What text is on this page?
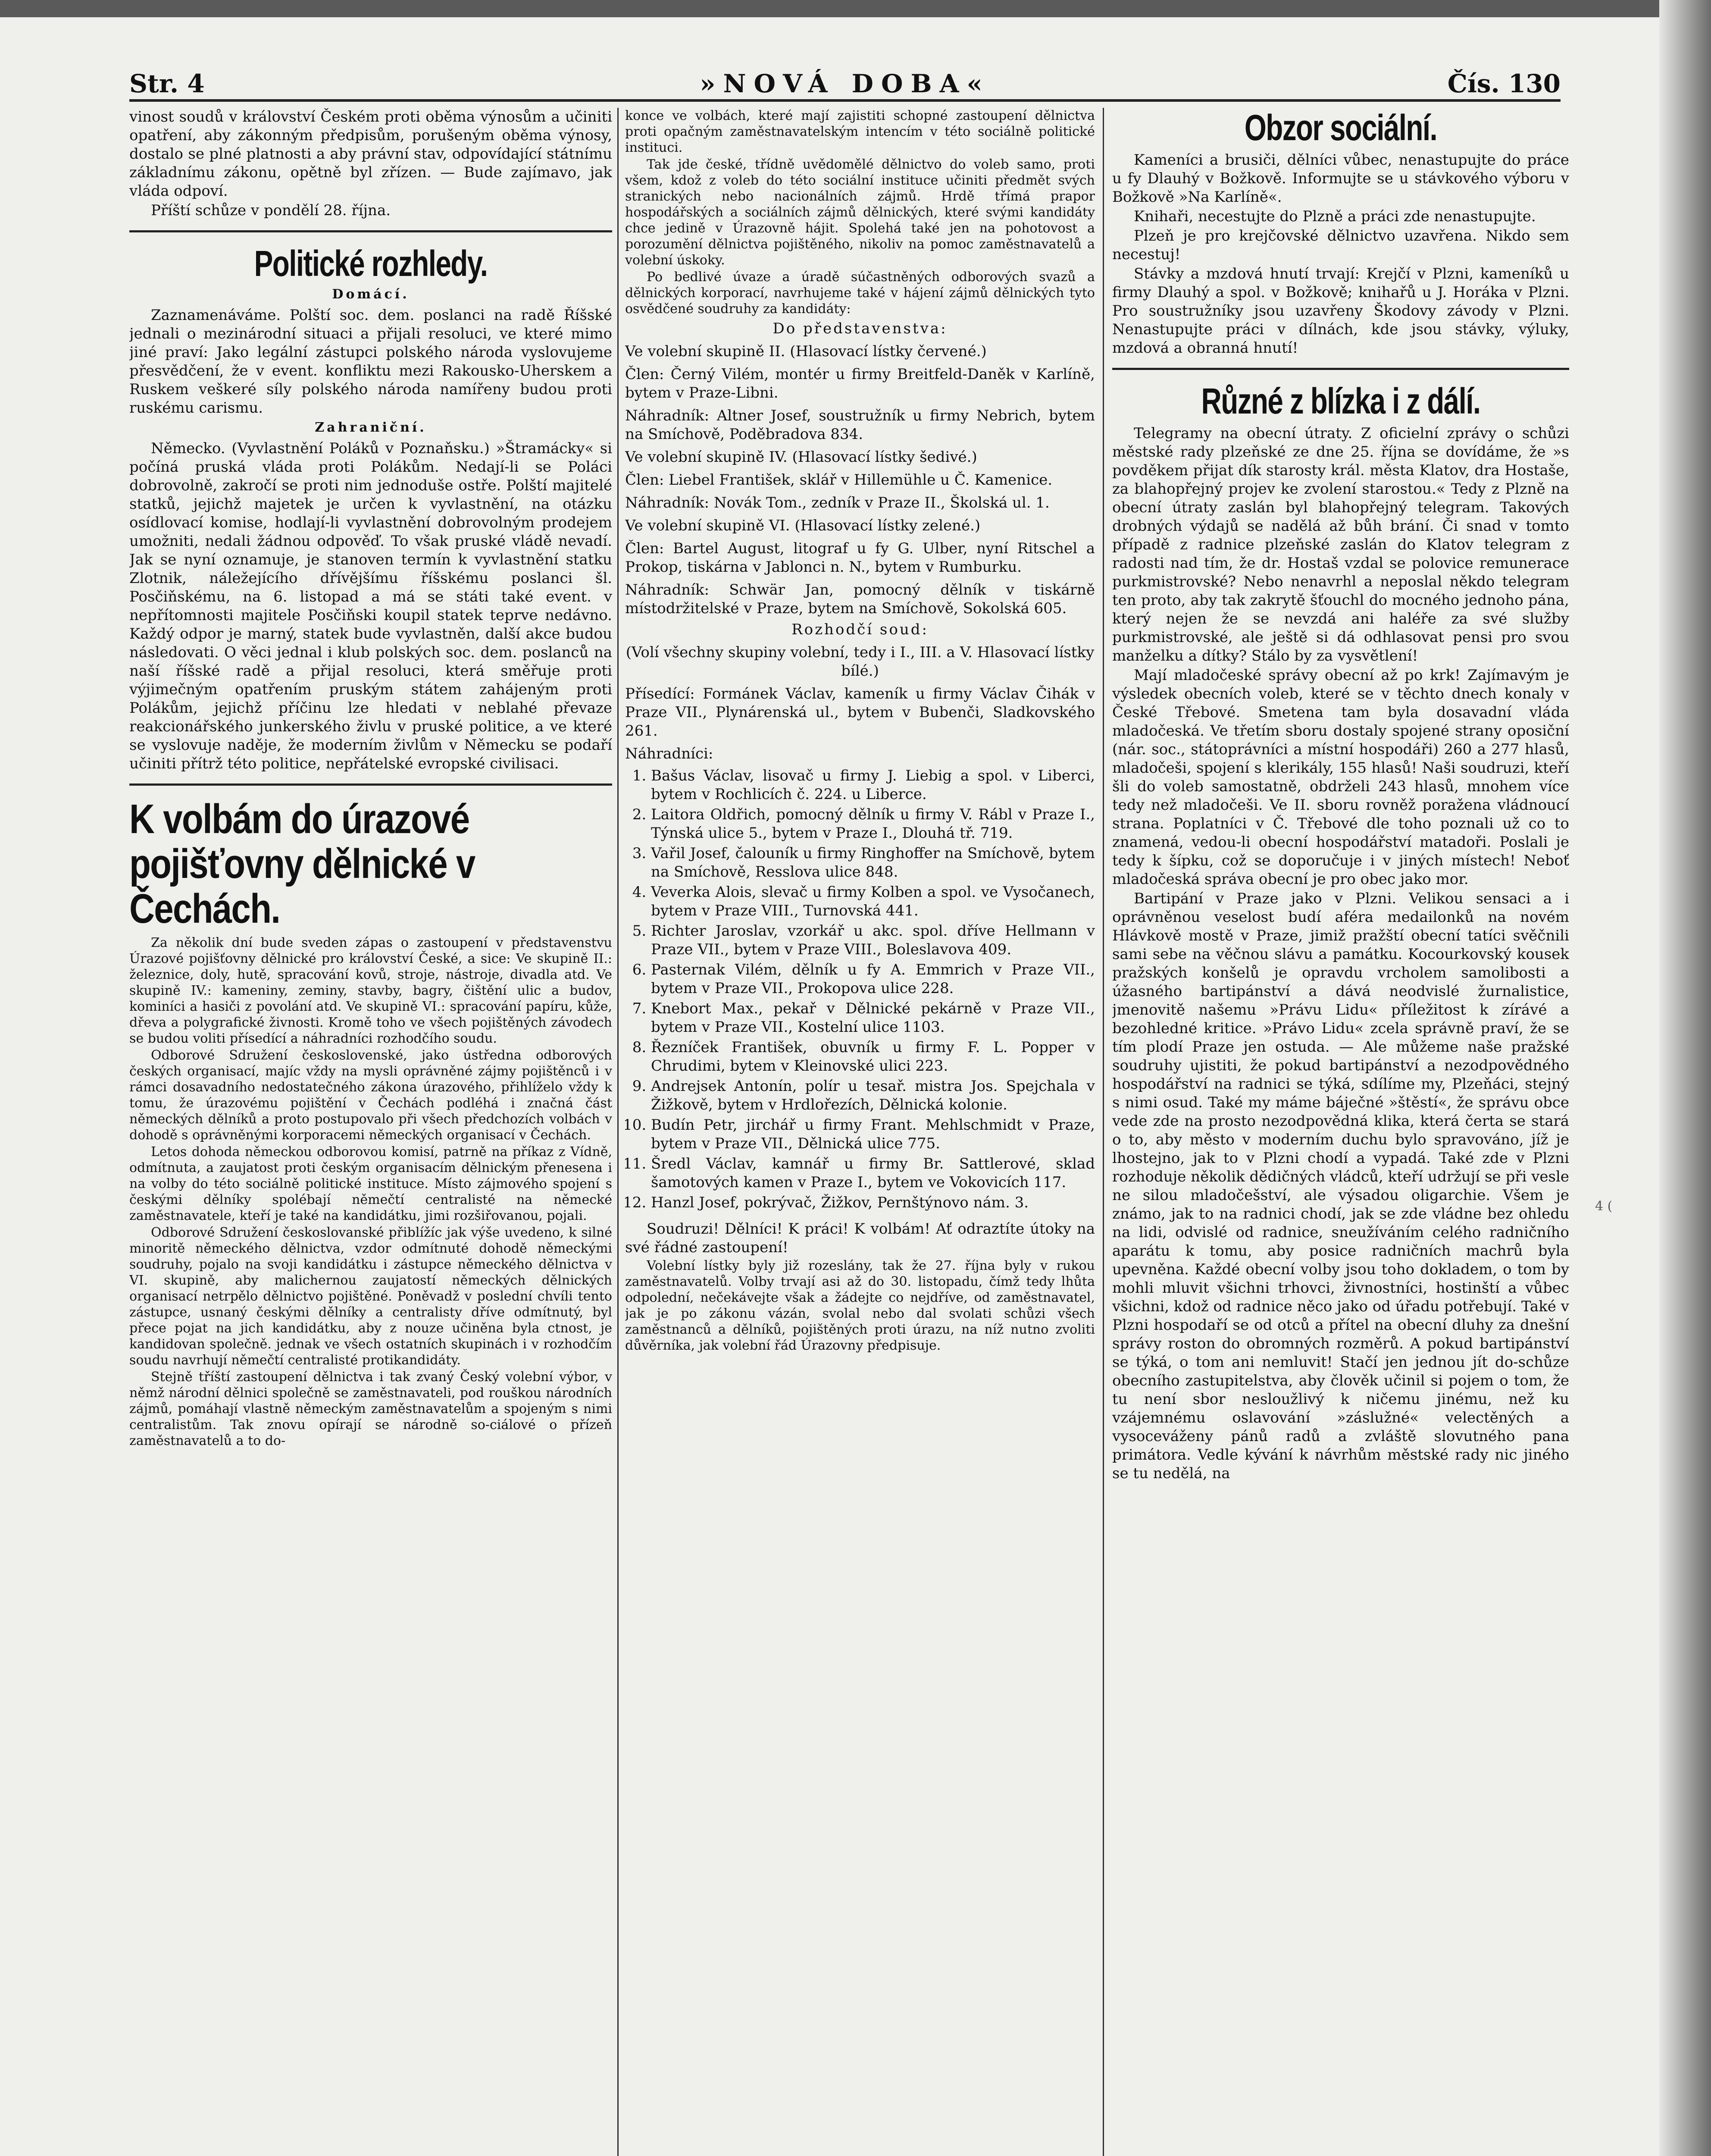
Str. 4	»NOVÁ DOBA«	Čís. 130

vinost soudů v království Českém proti oběma výnosům a učiniti opatření, aby zákonným předpisům, porušeným oběma výnosy, dostalo se plné platnosti a aby právní stav, odpovídající státnímu základnímu zákonu, opětně byl zřízen. — Bude zajímavo, jak vláda odpoví.

Příští schůze v pondělí 28. října.

Politické rozhledy.
Domácí.

Zaznamenáváme. Polští soc. dem. poslanci na radě Říšské jednali o mezinárodní situaci a přijali resoluci, ve které mimo jiné praví: Jako legální zástupci polského národa vyslovujeme přesvědčení, že v event. konfliktu mezi Rakousko-Uherskem a Ruskem veškeré síly polského národa namířeny budou proti ruskému carismu.

Zahraniční.

Německo. (Vyvlastnění Poláků v Poznaňsku.) »Štramácky« si počíná pruská vláda proti Polákům. Nedají-li se Poláci dobrovolně, zakročí se proti nim jednoduše ostře. Polští majitelé statků, jejichž majetek je určen k vyvlastnění, na otázku osídlovací komise, hodlají-li vyvlastnění dobrovolným prodejem umožniti, nedali žádnou odpověď. To však pruské vládě nevadí. Jak se nyní oznamuje, je stanoven termín k vyvlastnění statku Zlotnik, náležejícího dřívějšímu říšskému poslanci šl. Posčiňskému, na 6. listopad a má se státi také event. v nepřítomnosti majitele Posčiňski koupil statek teprve nedávno. Každý odpor je marný, statek bude vyvlastněn, další akce budou následovati. O věci jednal i klub polských soc. dem. poslanců na naší říšské radě a přijal resoluci, která směřuje proti výjimečným opatřením pruským státem zahájeným proti Polákům, jejichž příčinu lze hledati v neblahé převaze reakcionářského junkerského živlu v pruské politice, a ve které se vyslovuje naděje, že moderním živlům v Německu se podaří učiniti přítrž této politice, nepřátelské evropské civilisaci.

K volbám do úrazové pojišťovny dělnické v Čechách.

Za několik dní bude sveden zápas o zastoupení v představenstvu Úrazové pojišťovny dělnické pro království České, a sice: Ve skupině II.: železnice, doly, hutě, spracování kovů, stroje, nástroje, divadla atd. Ve skupině IV.: kameniny, zeminy, stavby, bagry, čištění ulic a budov, kominíci a hasiči z povolání atd. Ve skupině VI.: spracování papíru, kůže, dřeva a polygrafické živnosti. Kromě toho ve všech pojištěných závodech se budou voliti přísedící a náhradníci rozhodčího soudu.

Odborové Sdružení československé, jako ústředna odborových českých organisací, majíc vždy na mysli oprávněné zájmy pojištěnců i v rámci dosavadního nedostatečného zákona úrazového, přihlíželo vždy k tomu, že úrazovému pojištění v Čechách podléhá i značná část německých dělníků a proto postupovalo při všech předchozích volbách v dohodě s oprávněnými korporacemi německých organisací v Čechách.

Letos dohoda německou odborovou komisí, patrně na příkaz z Vídně, odmítnuta, a zaujatost proti českým organisacím dělnickým přenesena i na volby do této sociálně politické instituce. Místo zájmového spojení s českými dělníky spolébají němečtí centralisté na německé zaměstnavatele, kteří je také na kandidátku, jimi rozšiřovanou, pojali.

Odborové Sdružení českoslovanské přiblížíc jak výše uvedeno, k silné minoritě německého dělnictva, vzdor odmítnuté dohodě německými soudruhy, pojalo na svoji kandidátku i zástupce německého dělnictva v VI. skupině, aby malichernou zaujatostí německých dělnických organisací netrpělo dělnictvo pojištěné. Poněvadž v poslední chvíli tento zástupce, usnaný českými dělníky a centralisty dříve odmítnutý, byl přece pojat na jich kandidátku, aby z nouze učiněna byla ctnost, je kandidovan společně. jednak ve všech ostatních skupinách i v rozhodčím soudu navrhují němečtí centralisté protikandidáty.

Stejně tříští zastoupení dělnictva i tak zvaný Český volební výbor, v němž národní dělnici společně se zaměstnavateli, pod rouškou národních zájmů, pomáhají vlastně německým zaměstnavatelům a spojeným s nimi centralistům. Tak znovu opírají se národně so-ciálové o přízeň zaměstnavatelů a to do-

konce ve volbách, které mají zajistiti schopné zastoupení dělnictva proti opačným zaměstnavatelským intencím v této sociálně politické instituci.

Tak jde české, třídně uvědomělé dělnictvo do voleb samo, proti všem, kdož z voleb do této sociální instituce učiniti předmět svých stranických nebo nacionálních zájmů. Hrdě třímá prapor hospodářských a sociálních zájmů dělnických, které svými kandidáty chce jedině v Úrazovně hájit. Spolehá také jen na pohotovost a porozumění dělnictva pojištěného, nikoliv na pomoc zaměstnavatelů a volební úskoky.

Po bedlivé úvaze a úradě súčastněných odborových svazů a dělnických korporací, navrhujeme také v hájení zájmů dělnických tyto osvědčené soudruhy za kandidáty:

Do představenstva:
Ve volební skupině II. (Hlasovací lístky červené.)
Člen: Černý Vilém, montér u firmy Breitfeld-Daněk v Karlíně, bytem v Praze-Libni.
Náhradník: Altner Josef, soustružník u firmy Nebrich, bytem na Smíchově, Poděbradova 834.
Ve volební skupině IV. (Hlasovací lístky šedivé.)
Člen: Liebel František, sklář v Hillemühle u Č. Kamenice.
Náhradník: Novák Tom., zedník v Praze II., Školská ul. 1.
Ve volební skupině VI. (Hlasovací lístky zelené.)
Člen: Bartel August, litograf u fy G. Ulber, nyní Ritschel a Prokop, tiskárna v Jablonci n. N., bytem v Rumburku.
Náhradník: Schwär Jan, pomocný dělník v tiskárně místodržitelské v Praze, bytem na Smíchově, Sokolská 605.
Rozhodčí soud:
(Volí všechny skupiny volební, tedy i I., III. a V. Hlasovací lístky bílé.)
Přísedící: Formánek Václav, kameník u firmy Václav Čihák v Praze VII., Plynárenská ul., bytem v Bubenči, Sladkovského 261.
Náhradníci:
1. Bašus Václav, lisovač u firmy J. Liebig a spol. v Liberci, bytem v Rochlicích č. 224. u Liberce.
2. Laitora Oldřich, pomocný dělník u firmy V. Rábl v Praze I., Týnská ulice 5., bytem v Praze I., Dlouhá tř. 719.
3. Vařil Josef, čalouník u firmy Ringhoffer na Smíchově, bytem na Smíchově, Resslova ulice 848.
4. Veverka Alois, slevač u firmy Kolben a spol. ve Vysočanech, bytem v Praze VIII., Turnovská 441.
5. Richter Jaroslav, vzorkář u akc. spol. dříve Hellmann v Praze VII., bytem v Praze VIII., Boleslavova 409.
6. Pasternak Vilém, dělník u fy A. Emmrich v Praze VII., bytem v Praze VII., Prokopova ulice 228.
7. Knebort Max., pekař v Dělnické pekárně v Praze VII., bytem v Praze VII., Kostelní ulice 1103.
8. Řezníček František, obuvník u firmy F. L. Popper v Chrudimi, bytem v Kleinovské ulici 223.
9. Andrejsek Antonín, polír u tesař. mistra Jos. Spejchala v Žižkově, bytem v Hrdlořezích, Dělnická kolonie.
10. Budín Petr, jirchář u firmy Frant. Mehlschmidt v Praze, bytem v Praze VII., Dělnická ulice 775.
11. Šredl Václav, kamnář u firmy Br. Sattlerové, sklad šamotových kamen v Praze I., bytem ve Vokovicích 117.
12. Hanzl Josef, pokrývač, Žižkov, Pernštýnovo nám. 3.

Soudruzi! Dělníci! K práci! K volbám! Ať odraztíte útoky na své řádné zastoupení!

Volební lístky byly již rozeslány, tak že 27. října byly v rukou zaměstnavatelů. Volby trvají asi až do 30. listopadu, čímž tedy lhůta odpolední, nečekávejte však a žádejte co nejdříve, od zaměstnavatel, jak je po zákonu vázán, svolal nebo dal svolati schůzi všech zaměstnanců a dělníků, pojištěných proti úrazu, na níž nutno zvoliti důvěrníka, jak volební řád Úrazovny předpisuje.

Obzor sociální.

Kameníci a brusiči, dělníci vůbec, nenastupujte do práce u fy Dlauhý v Božkově. Informujte se u stávkového výboru v Božkově »Na Karlíně«.

Knihaři, necestujte do Plzně a práci zde nenastupujte.

Plzeň je pro krejčovské dělnictvo uzavřena. Nikdo sem necestuj!

Stávky a mzdová hnutí trvají: Krejčí v Plzni, kameníků u firmy Dlauhý a spol. v Božkově; knihařů u J. Horáka v Plzni. Pro soustružníky jsou uzavřeny Škodovy závody v Plzni. Nenastupujte práci v dílnách, kde jsou stávky, výluky, mzdová a obranná hnutí!

Různé z blízka i z dálí.

Telegramy na obecní útraty. Z oficielní zprávy o schůzi městské rady plzeňské ze dne 25. října se dovídáme, že »s povděkem přijat dík starosty král. města Klatov, dra Hostaše, za blahopřejný projev ke zvolení starostou.« Tedy z Plzně na obecní útraty zaslán byl blahopřejný telegram. Takových drobných výdajů se nadělá až bůh brání. Či snad v tomto případě z radnice plzeňské zaslán do Klatov telegram z radosti nad tím, že dr. Hostaš vzdal se polovice remunerace purkmistrovské? Nebo nenavrhl a neposlal někdo telegram ten proto, aby tak zakrytě šťouchl do mocného jednoho pána, který nejen že se nevzdá ani haléře za své služby purkmistrovské, ale ještě si dá odhlasovat pensi pro svou manželku a dítky? Stálo by za vysvětlení!

Mají mladočeské správy obecní až po krk! Zajímavým je výsledek obecních voleb, které se v těchto dnech konaly v České Třebové. Smetena tam byla dosavadní vláda mladočeská. Ve třetím sboru dostaly spojené strany oposiční (nár. soc., státoprávníci a místní hospodáři) 260 a 277 hlasů, mladočeši, spojení s klerikály, 155 hlasů! Naši soudruzi, kteří šli do voleb samostatně, obdrželi 243 hlasů, mnohem více tedy než mladočeši. Ve II. sboru rovněž poražena vládnoucí strana. Poplatníci v Č. Třebové dle toho poznali už co to znamená, vedou-li obecní hospodářství matadoři. Poslali je tedy k šípku, což se doporučuje i v jiných místech! Neboť mladočeská správa obecní je pro obec jako mor.

Bartipání v Praze jako v Plzni. Velikou sensaci a i oprávněnou veselost budí aféra medailonků na novém Hlávkově mostě v Praze, jimiž pražští obecní tatíci svěčnili sami sebe na věčnou slávu a památku. Kocourkovský kousek pražských konšelů je opravdu vrcholem samolibosti a úžasného bartipánství a dává neodvislé žurnalistice, jmenovitě našemu »Právu Lidu« příležitost k zírávé a bezohledné kritice. »Právo Lidu« zcela správně praví, že se tím plodí Praze jen ostuda. — Ale můžeme naše pražské soudruhy ujistiti, že pokud bartipánství a nezodpovědného hospodářství na radnici se týká, sdílíme my, Plzeňáci, stejný s nimi osud. Také my máme báječné »štěstí«, že správu obce vede zde na prosto nezodpovědná klika, která čerta se stará o to, aby město v moderním duchu bylo spravováno, jíž je lhostejno, jak to v Plzni chodí a vypadá. Také zde v Plzni rozhoduje několik dědičných vládců, kteří udržují se při vesle ne silou mladočešství, ale výsadou oligarchie. Všem je známo, jak to na radnici chodí, jak se zde vládne bez ohledu na lidi, odvislé od radnice, sneužíváním celého radničního aparátu k tomu, aby posice radničních machrů byla upevněna. Každé obecní volby jsou toho dokladem, o tom by mohli mluvit všichni trhovci, živnostníci, hostinští a vůbec všichni, kdož od radnice něco jako od úřadu potřebují. Také v Plzni hospodaří se od otců a přítel na obecní dluhy za dnešní správy roston do obromných rozměrů. A pokud bartipánství se týká, o tom ani nemluvit! Stačí jen jednou jít do-schůze obecního zastupitelstva, aby člověk učinil si pojem o tom, že tu není sbor nesloužlivý k ničemu jinému, než ku vzájemnému oslavování »záslužné« velectěných a vysoceváženy pánů radů a zvláště slovutného pana primátora. Vedle kývání k návrhům městské rady nic jiného se tu nedělá, na

4 (
